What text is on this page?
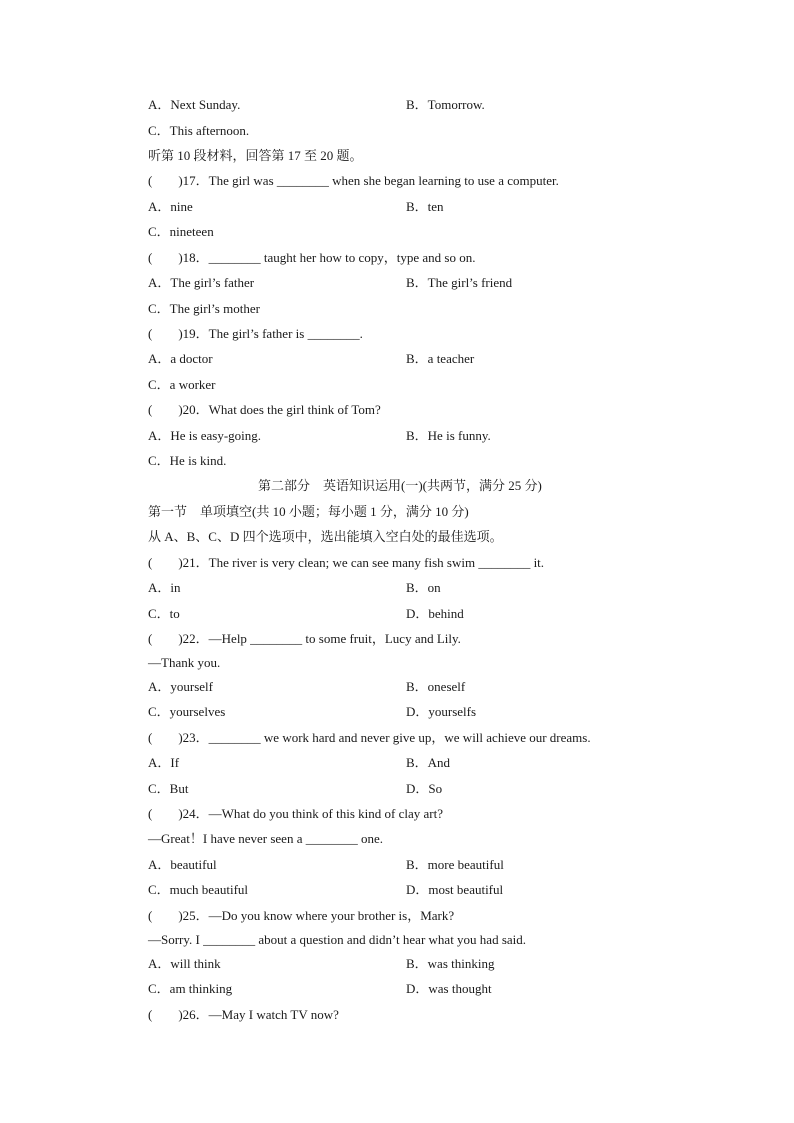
A．Next Sunday.	B．Tomorrow.
C．This afternoon.
听第 10 段材料，回答第 17 至 20 题。
(　　)17．The girl was ________ when she began learning to use a computer.
A．nine	B．ten
C．nineteen
(　　)18．________ taught her how to copy，type and so on.
A．The girl’s father	B．The girl’s friend
C．The girl’s mother
(　　)19．The girl’s father is ________.
A．a doctor	B．a teacher
C．a worker
(　　)20．What does the girl think of Tom?
A．He is easy-going.	B．He is funny.
C．He is kind.
第二部分　英语知识运用(一)(共两节，满分 25 分)
第一节　单项填空(共 10 小题；每小题 1 分，满分 10 分)
从 A、B、C、D 四个选项中，选出能填入空白处的最佳选项。
(　　)21．The river is very clean; we can see many fish swim ________ it.
A．in	B．on
C．to	D．behind
(　　)22．—Help ________ to some fruit，Lucy and Lily.
—Thank you.
A．yourself	B．oneself
C．yourselves	D．yourselfs
(　　)23．________ we work hard and never give up，we will achieve our dreams.
A．If	B．And
C．But	D．So
(　　)24．—What do you think of this kind of clay art?
—Great！I have never seen a ________ one.
A．beautiful	B．more beautiful
C．much beautiful	D．most beautiful
(　　)25．—Do you know where your brother is，Mark?
—Sorry. I ________ about a question and didn’t hear what you had said.
A．will think	B．was thinking
C．am thinking	D．was thought
(　　)26．—May I watch TV now?
